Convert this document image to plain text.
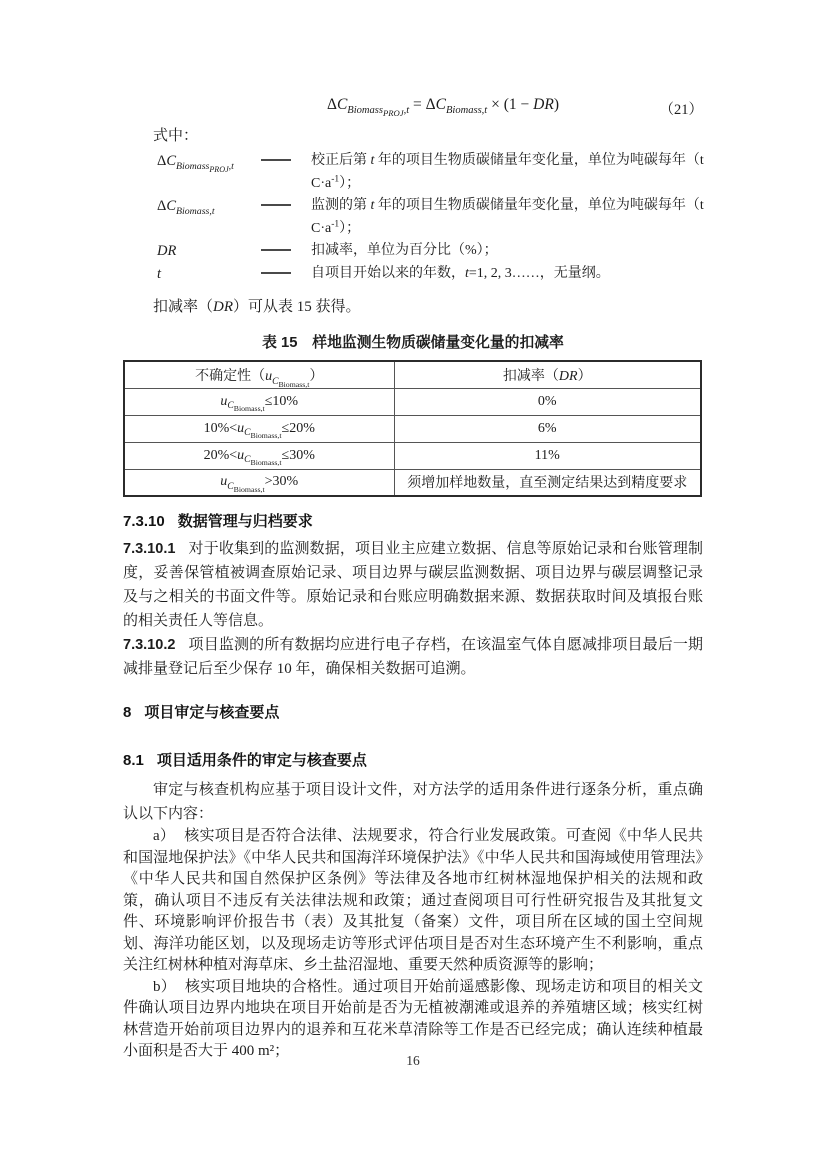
$\Delta C_{Biomass_{PROJ},t} = \Delta C_{Biomass,t} \times (1 - DR)$	（21）
式中：
$\Delta C_{Biomass_{PROJ},t}$	校正后第 t 年的项目生物质碳储量年变化量，单位为吨碳每年（t
$C\cdot a^{-1}$）；
$\Delta C_{Biomass,t}$	监测的第 t 年的项目生物质碳储量年变化量，单位为吨碳每年（t
$C\cdot a^{-1}$）；
DR	扣减率，单位为百分比（%）；
t	自项目开始以来的年数，t=1, 2, 3……，无量纲。
扣减率（DR）可从表 15 获得。
表 15　样地监测生物质碳储量变化量的扣减率
不确定性$(u_{C_{Biomass,t}})$	扣减率（DR）
$u_{C_{Biomass,t}}\le 10\%$	0%
$10\%<u_{C_{Biomass,t}}\le 20\%$	6%
$20\%<u_{C_{Biomass,t}}\le 30\%$	11%
$u_{C_{Biomass,t}}>30\%$	须增加样地数量，直至测定结果达到精度要求
7.3.10 数据管理与归档要求

7.3.10.1 对于收集到的监测数据，项目业主应建立数据、信息等原始记录和台账管理制度，妥善保管植被调查原始记录、项目边界与碳层监测数据、项目边界与碳层调整记录及与之相关的书面文件等。原始记录和台账应明确数据来源、数据获取时间及填报台账的相关责任人等信息。

7.3.10.2 项目监测的所有数据均应进行电子存档，在该温室气体自愿减排项目最后一期减排量登记后至少保存 10 年，确保相关数据可追溯。

8 项目审定与核查要点
8.1 项目适用条件的审定与核查要点

审定与核查机构应基于项目设计文件，对方法学的适用条件进行逐条分析，重点确认以下内容：

a） 核实项目是否符合法律、法规要求，符合行业发展政策。可查阅《中华人民共和国湿地保护法》《中华人民共和国海洋环境保护法》《中华人民共和国海域使用管理法》《中华人民共和国自然保护区条例》等法律及各地市红树林湿地保护相关的法规和政策，确认项目不违反有关法律法规和政策；通过查阅项目可行性研究报告及其批复文件、环境影响评价报告书（表）及其批复（备案）文件，项目所在区域的国土空间规划、海洋功能区划，以及现场走访等形式评估项目是否对生态环境产生不利影响，重点关注红树林种植对海草床、乡土盐沼湿地、重要天然种质资源等的影响；

b） 核实项目地块的合格性。通过项目开始前遥感影像、现场走访和项目的相关文件确认项目边界内地块在项目开始前是否为无植被潮滩或退养的养殖塘区域；核实红树林营造开始前项目边界内的退养和互花米草清除等工作是否已经完成；确认连续种植最小面积是否大于 400 m²；

16
